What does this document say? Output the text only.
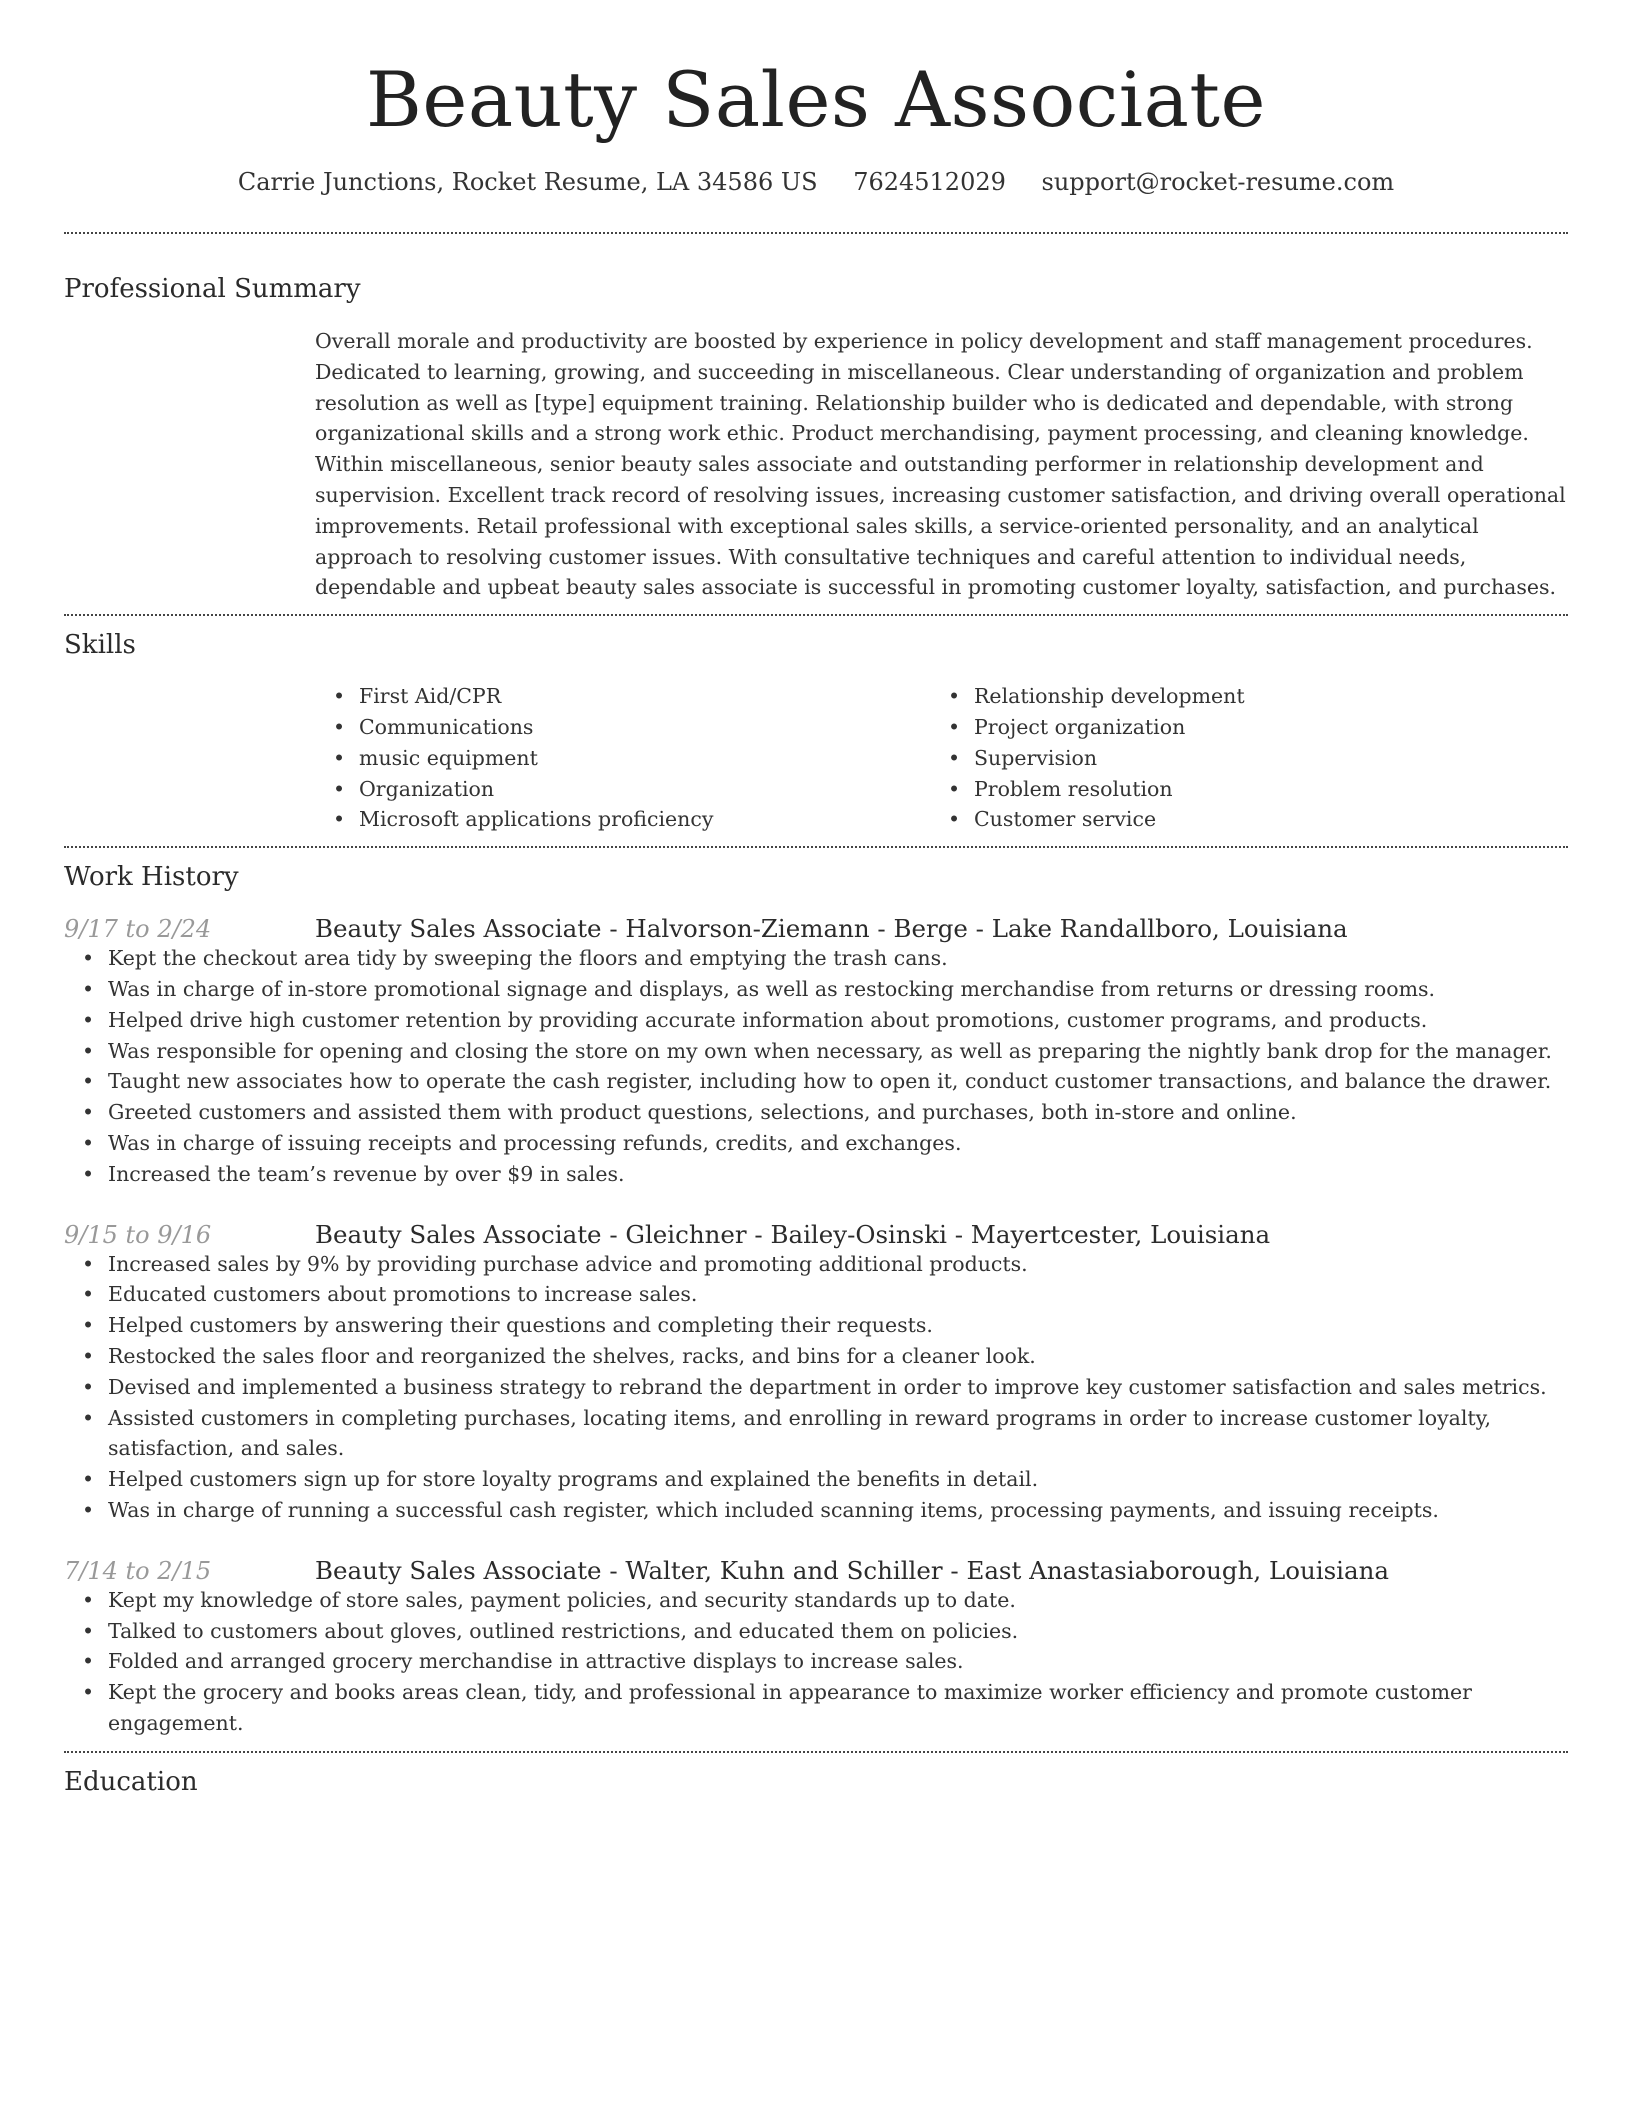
Beauty Sales Associate
Carrie Junctions, Rocket Resume, LA 34586 US 7624512029 support@rocket-resume.com
Professional Summary

Overall morale and productivity are boosted by experience in policy development and staff management procedures. Dedicated to learning, growing, and succeeding in miscellaneous. Clear understanding of organization and problem resolution as well as [type] equipment training. Relationship builder who is dedicated and dependable, with strong organizational skills and a strong work ethic. Product merchandising, payment processing, and cleaning knowledge. Within miscellaneous, senior beauty sales associate and outstanding performer in relationship development and supervision. Excellent track record of resolving issues, increasing customer satisfaction, and driving overall operational improvements. Retail professional with exceptional sales skills, a service-oriented personality, and an analytical approach to resolving customer issues. With consultative techniques and careful attention to individual needs, dependable and upbeat beauty sales associate is successful in promoting customer loyalty, satisfaction, and purchases.

Skills
• First Aid/CPR
• Communications
• music equipment
• Organization
• Microsoft applications proficiency
• Relationship development
• Project organization
• Supervision
• Problem resolution
• Customer service
Work History
9/17 to 2/24	Beauty Sales Associate - Halvorson-Ziemann - Berge - Lake Randallboro, Louisiana
• Kept the checkout area tidy by sweeping the floors and emptying the trash cans.
• Was in charge of in-store promotional signage and displays, as well as restocking merchandise from returns or dressing rooms.
• Helped drive high customer retention by providing accurate information about promotions, customer programs, and products.
• Was responsible for opening and closing the store on my own when necessary, as well as preparing the nightly bank drop for the manager.
• Taught new associates how to operate the cash register, including how to open it, conduct customer transactions, and balance the drawer.
• Greeted customers and assisted them with product questions, selections, and purchases, both in-store and online.
• Was in charge of issuing receipts and processing refunds, credits, and exchanges.
• Increased the team’s revenue by over $9 in sales.
9/15 to 9/16	Beauty Sales Associate - Gleichner - Bailey-Osinski - Mayertcester, Louisiana
• Increased sales by 9% by providing purchase advice and promoting additional products.
• Educated customers about promotions to increase sales.
• Helped customers by answering their questions and completing their requests.
• Restocked the sales floor and reorganized the shelves, racks, and bins for a cleaner look.
• Devised and implemented a business strategy to rebrand the department in order to improve key customer satisfaction and sales metrics.
• Assisted customers in completing purchases, locating items, and enrolling in reward programs in order to increase customer loyalty, satisfaction, and sales.
• Helped customers sign up for store loyalty programs and explained the benefits in detail.
• Was in charge of running a successful cash register, which included scanning items, processing payments, and issuing receipts.
7/14 to 2/15	Beauty Sales Associate - Walter, Kuhn and Schiller - East Anastasiaborough, Louisiana
• Kept my knowledge of store sales, payment policies, and security standards up to date.
• Talked to customers about gloves, outlined restrictions, and educated them on policies.
• Folded and arranged grocery merchandise in attractive displays to increase sales.
• Kept the grocery and books areas clean, tidy, and professional in appearance to maximize worker efficiency and promote customer engagement.
Education
